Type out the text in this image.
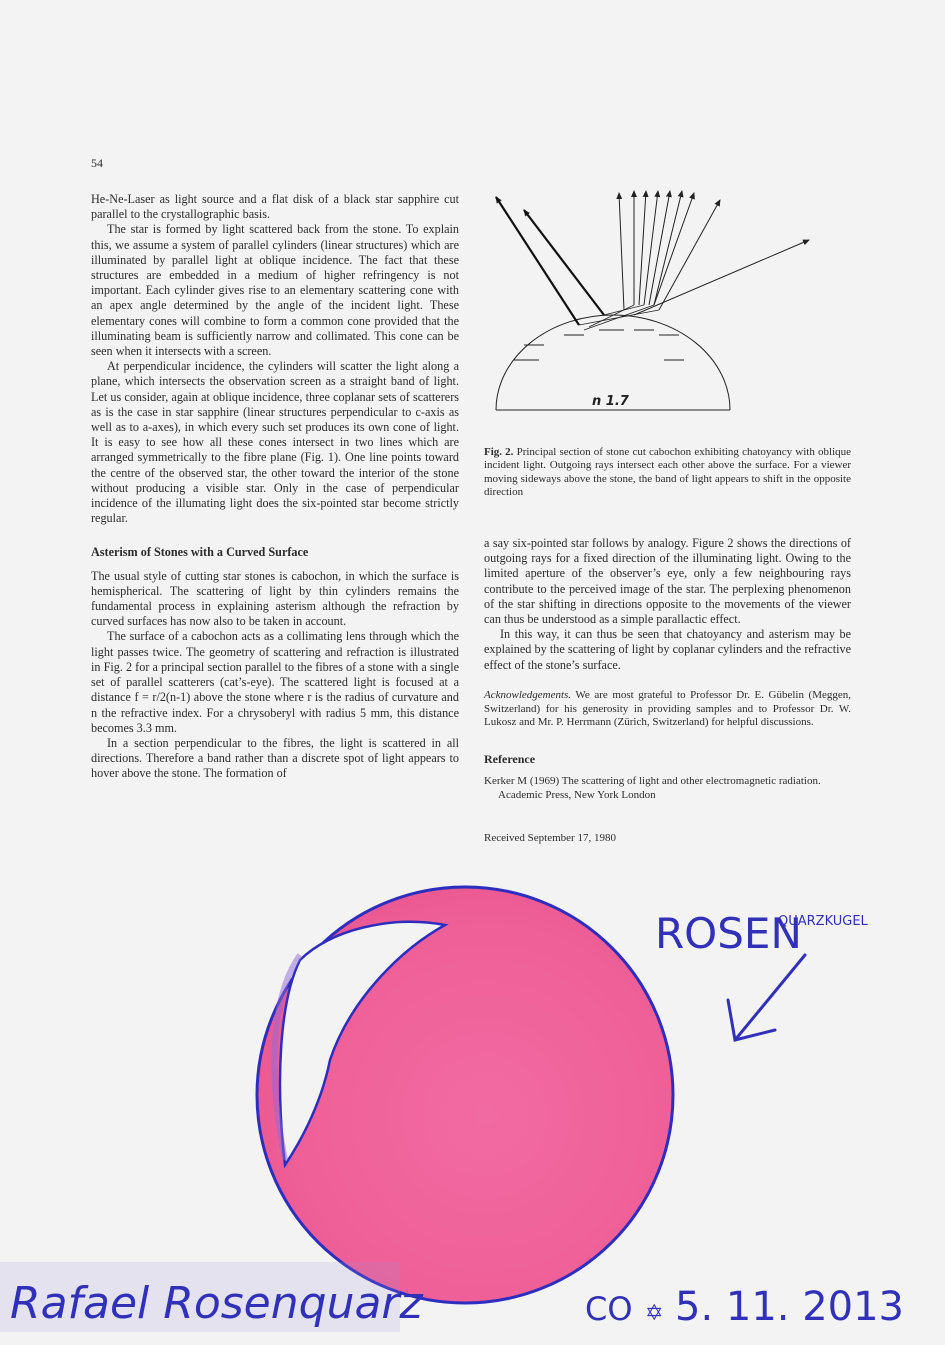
54

He-Ne-Laser as light source and a flat disk of a black star sapphire cut parallel to the crystallographic basis.

The star is formed by light scattered back from the stone. To explain this, we assume a system of parallel cylinders (linear structures) which are illuminated by parallel light at oblique incidence. The fact that these structures are embedded in a medium of higher refringency is not important. Each cylinder gives rise to an elementary scattering cone with an apex angle determined by the angle of the incident light. These elementary cones will combine to form a common cone provided that the illuminating beam is sufficiently narrow and collimated. This cone can be seen when it intersects with a screen.

At perpendicular incidence, the cylinders will scatter the light along a plane, which intersects the observation screen as a straight band of light. Let us consider, again at oblique incidence, three coplanar sets of scatterers as is the case in star sapphire (linear structures perpendicular to c-axis as well as to a-axes), in which every such set produces its own cone of light. It is easy to see how all these cones intersect in two lines which are arranged symmetrically to the fibre plane (Fig. 1). One line points toward the centre of the observed star, the other toward the interior of the stone without producing a visible star. Only in the case of perpendicular incidence of the illumating light does the six-pointed star become strictly regular.

Asterism of Stones with a Curved Surface

The usual style of cutting star stones is cabochon, in which the surface is hemispherical. The scattering of light by thin cylinders remains the fundamental process in explaining asterism although the refraction by curved surfaces has now also to be taken in account.

The surface of a cabochon acts as a collimating lens through which the light passes twice. The geometry of scattering and refraction is illustrated in Fig. 2 for a principal section parallel to the fibres of a stone with a single set of parallel scatterers (cat’s-eye). The scattered light is focused at a distance f = r/2(n-1) above the stone where r is the radius of curvature and n the refractive index. For a chrysoberyl with radius 5 mm, this distance becomes 3.3 mm.

In a section perpendicular to the fibres, the light is scattered in all directions. Therefore a band rather than a discrete spot of light appears to hover above the stone. The formation of

n 1.7
Fig. 2. Principal section of stone cut cabochon exhibiting chatoyancy with oblique incident light. Outgoing rays intersect each other above the surface. For a viewer moving sideways above the stone, the band of light appears to shift in the opposite direction

a say six-pointed star follows by analogy. Figure 2 shows the directions of outgoing rays for a fixed direction of the illuminating light. Owing to the limited aperture of the observer’s eye, only a few neighbouring rays contribute to the perceived image of the star. The perplexing phenomenon of the star shifting in directions opposite to the movements of the viewer can thus be understood as a simple parallactic effect.

In this way, it can thus be seen that chatoyancy and asterism may be explained by the scattering of light by coplanar cylinders and the refractive effect of the stone’s surface.

Acknowledgements. We are most grateful to Professor Dr. E. Gübelin (Meggen, Switzerland) for his generosity in providing samples and to Professor Dr. W. Lukosz and Mr. P. Herrmann (Zürich, Switzerland) for helpful discussions.

Reference

Kerker M (1969) The scattering of light and other electromagnetic radiation. Academic Press, New York London

Received September 17, 1980

ROSEN
QUARZKUGEL
Rafael Rosenquarz	CO ✡ 5. 11. 2013
